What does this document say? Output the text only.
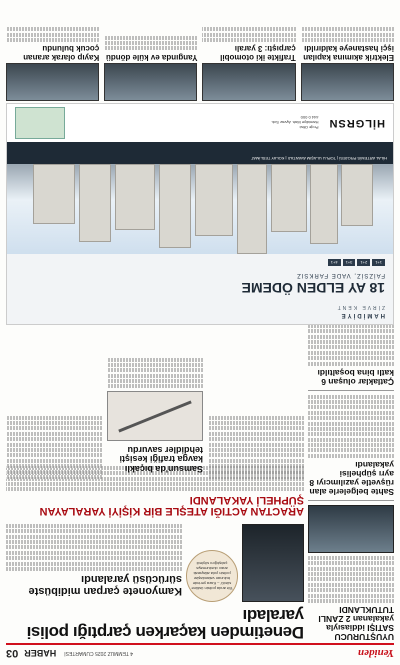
Yeniden
4 TEMMUZ 2025 CUMARTESİ
HABER
03
UYUŞTURUCU SATIŞI iddiasıyla yakalanan 2 ZANLI TUTUKLANDI
Sahte belgelerle alan rüşvetle yazılımcıyı 8 ayrı şüphelisi yakalandı
Çatlaklar oluşan 6 katlı bina boşaltıldı
Denetimden kaçarken çarptığı polisi yaraladı
'Bir anda polisin üstüne sürdü' – Kaza yerinde bulunan vatandaşlar polisin yola atlayarak aracı durdurmaya çalıştığını söyledi
Kamyonete çarpan midibüste sürücüsü yaralandı
ARACTAN ACTIĞI ATEŞLE BİR KİŞİYİ YARALAYAN ŞÜPHELİ YAKALANDI
Samsun'da bıçaklı kavga trafiği kesişti tehdidler savurdu
HAMİDİYE
ZİRVE KENT
18 AY ELDEN ÖDEME
FAİZSİZ, VADE FARKSIZ
1+1
2+1
3+1
4+1
HİLAL ARTEMİS PROJESİ | TOPLU ULAŞIM AVANTAJI | KOLAY TESLİMAT
HİLGRSN
Proje Ofisi:
Hamidiye Mah. Ayvaz Sok.
444 0 000
Elektrik akımına kapılan işçi hastaneye kaldırıldı
Trafikte iki otomobil çarpıştı: 3 yaralı
Yangında ev küle döndü
Kayıp olarak aranan çocuk bulundu
